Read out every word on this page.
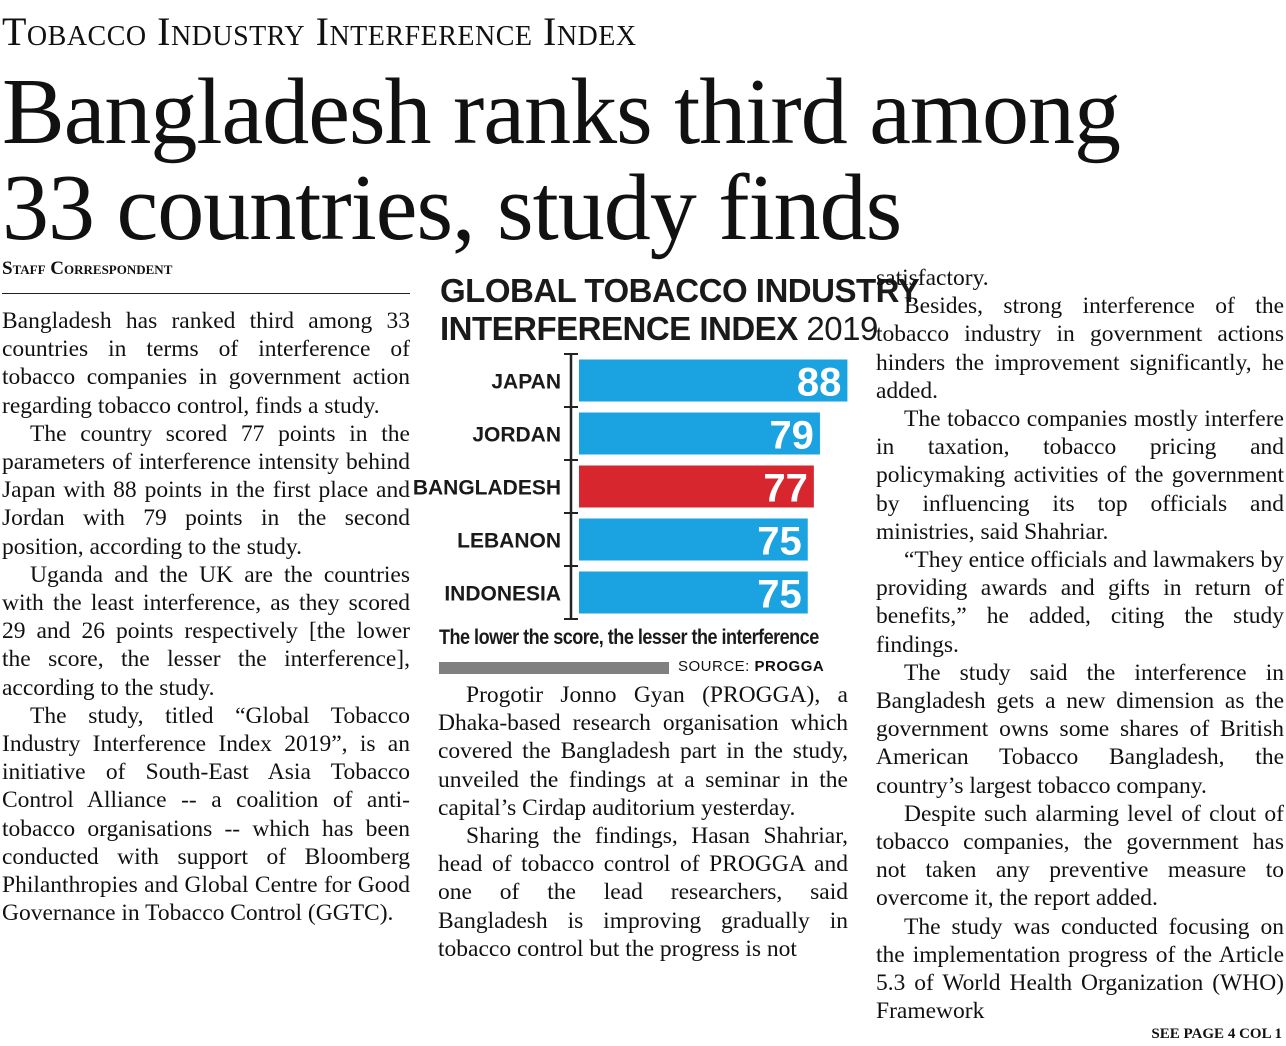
Tobacco Industry Interference Index
Bangladesh ranks third among
33 countries, study finds
Staff Correspondent

Bangladesh has ranked third among 33 countries in terms of interference of tobacco companies in government action regarding tobacco control, finds a study.

The country scored 77 points in the parameters of interference intensity behind Japan with 88 points in the first place and Jordan with 79 points in the second position, according to the study.

Uganda and the UK are the countries with the least interference, as they scored 29 and 26 points respectively [the lower the score, the lesser the interference], according to the study.

The study, titled “Global Tobacco Industry Interference Index 2019”, is an initiative of South-East Asia Tobacco Control Alliance -- a coalition of anti-tobacco organisations -- which has been conducted with support of Bloomberg Philanthropies and Global Centre for Good Governance in Tobacco Control (GGTC).

GLOBAL TOBACCO INDUSTRY
INTERFERENCE INDEX 2019
JAPAN	88
JORDAN	79
BANGLADESH	77
LEBANON	75
INDONESIA	75
The lower the score, the lesser the interference
SOURCE: PROGGA

Progotir Jonno Gyan (PROGGA), a Dhaka-based research organisation which covered the Bangladesh part in the study, unveiled the findings at a seminar in the capital’s Cirdap auditorium yesterday.

Sharing the findings, Hasan Shahriar, head of tobacco control of PROGGA and one of the lead researchers, said Bangladesh is improving gradually in tobacco control but the progress is not

satisfactory.

Besides, strong interference of the tobacco industry in government actions hinders the improvement significantly, he added.

The tobacco companies mostly interfere in taxation, tobacco pricing and policymaking activities of the government by influencing its top officials and ministries, said Shahriar.

“They entice officials and lawmakers by providing awards and gifts in return of benefits,” he added, citing the study findings.

The study said the interference in Bangladesh gets a new dimension as the government owns some shares of British American Tobacco Bangladesh, the country’s largest tobacco company.

Despite such alarming level of clout of tobacco companies, the government has not taken any preventive measure to overcome it, the report added.

The study was conducted focusing on the implementation progress of the Article 5.3 of World Health Organization (WHO) Framework

SEE PAGE 4 COL 1
